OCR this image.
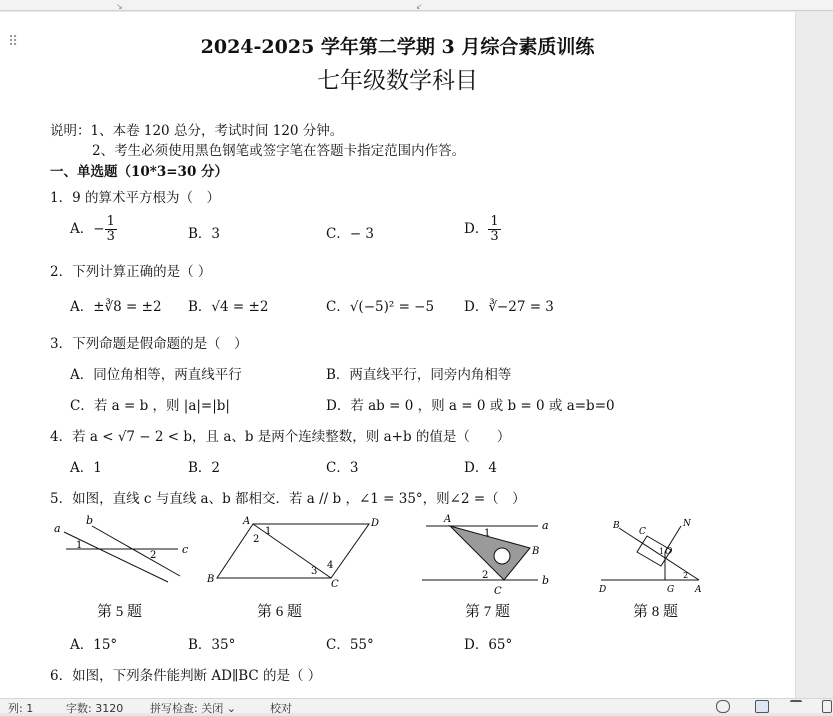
↘	↙
⠿	2024-2025 学年第二学期 3 月综合素质训练
七年级数学科目
说明：1、本卷 120 总分，考试时间 120 分钟。
2、考生必须使用黑色钢笔或签字笔在答题卡指定范围内作答。
一、单选题（10*3=30 分）
1．9 的算术平方根为（　）
A．− $\frac{1}{3}$	B．3	C．− 3	D． $\frac{1}{3}$
2．下列计算正确的是（ ）
A．±∛8 = ±2 B．√4 = ±2	C．√(−5)² = −5 D．∛−27 = 3
3．下列命题是假命题的是（　）
A．同位角相等，两直线平行	B．两直线平行，同旁内角相等
C．若 a = b ，则 |a|=|b|	D．若 ab = 0 ，则 a = 0 或 b = 0 或 a=b=0
4．若 a < √7 − 2 < b，且 a、b 是两个连续整数，则 a+b 的值是（　　）
A．1	B．2	C．3	D．4
5．如图，直线 c 与直线 a、b 都相交．若 a // b ，∠1 = 35°，则∠2 =（　）
a
b
c
1
2
A	D
B	C
1
2
3
4
A
B
C
a
b
1
2
B
C
D	G A
N
O
1
2
第 5 题	第 6 题	第 7 题	第 8 题
A．15°	B．35°	C．55°	D．65°
6．如图，下列条件能判断 AD∥BC 的是（ ）
列: 1	字数: 3120 拼写检查: 关闭 ⌄	校对
